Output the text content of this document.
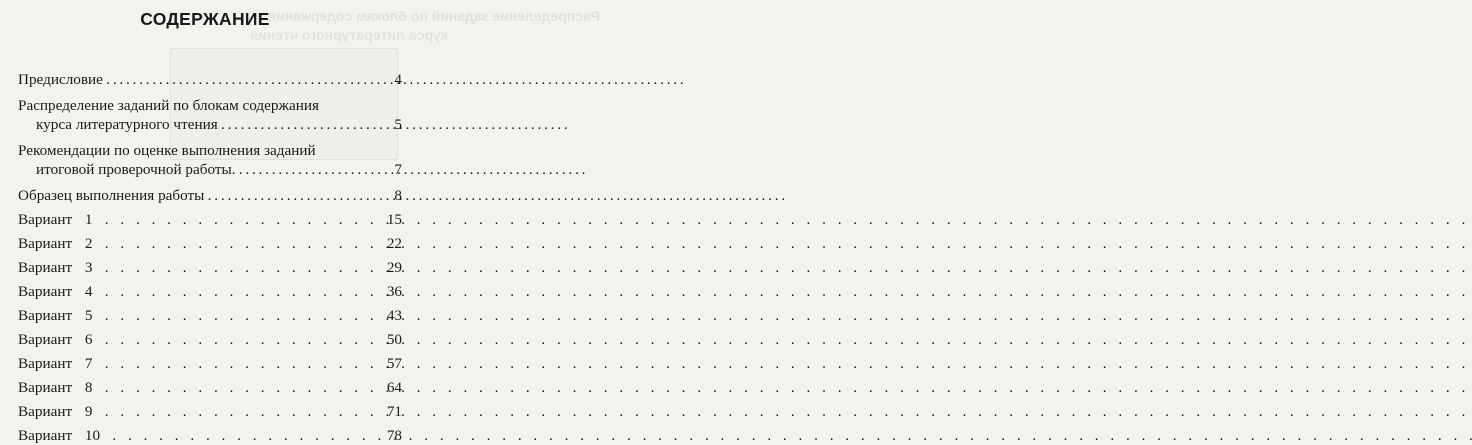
Распределение заданий по блокам содержания
курса литературного чтения
СОДЕРЖАНИЕ
Предисловие . . .	4
Распределение заданий по блокам содержания
курса литературного чтения . . .	5
Рекомендации по оценке выполнения заданий
итоговой проверочной работы. . . .	7
Образец выполнения работы . . .	8
Вариант 1 . . .	15
Вариант 2 . . .	22
Вариант 3 . . .	29
Вариант 4 . . .	36
Вариант 5 . . .	43
Вариант 6 . . .	50
Вариант 7 . . .	57
Вариант 8 . . .	64
Вариант 9 . . .	71
Вариант 10 . . .	78
